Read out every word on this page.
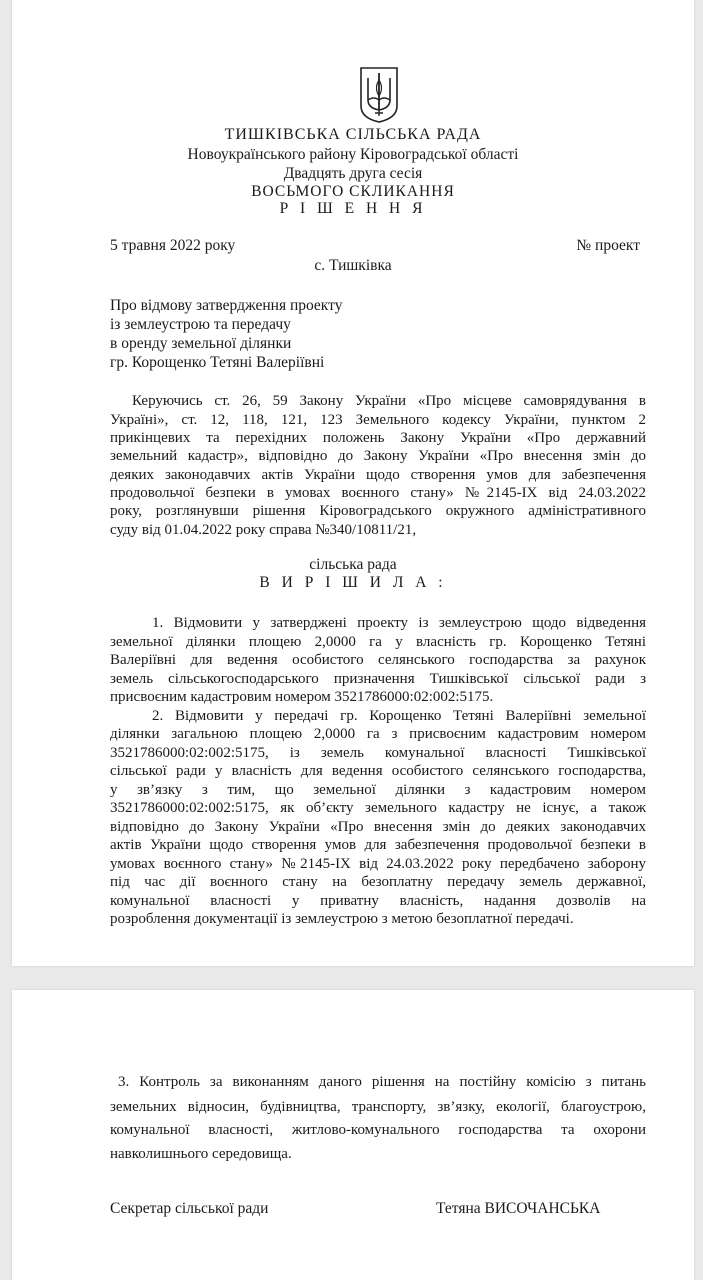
ТИШКІВСЬКА СІЛЬСЬКА РАДА
Новоукраїнського району Кіровоградської області
Двадцять друга сесія
ВОСЬМОГО СКЛИКАННЯ
Р І Ш Е Н Н Я
5 травня 2022 року	№ проект
с. Тишківка
Про відмову затвердження проекту
із землеустрою та передачу
в оренду земельної ділянки
гр. Корощенко Тетяні Валеріївні
Керуючись ст. 26, 59 Закону України «Про місцеве самоврядування в
Україні», ст. 12, 118, 121, 123 Земельного кодексу України, пунктом 2
прикінцевих та перехідних положень Закону України «Про державний
земельний кадастр», відповідно до Закону України «Про внесення змін до
деяких законодавчих актів України щодо створення умов для забезпечення
продовольчої безпеки в умовах воєнного стану» №2145-IX від 24.03.2022
року, розглянувши рішення Кіровоградського окружного адміністративного
суду від 01.04.2022 року справа №340/10811/21,
сільська рада
В И Р І Ш И Л А :
1. Відмовити у затверджені проекту із землеустрою щодо відведення
земельної ділянки площею 2,0000 га у власність гр. Корощенко Тетяні
Валеріївні для ведення особистого селянського господарства за рахунок
земель сільськогосподарського призначення Тишківської сільської ради з
присвоєним кадастровим номером 3521786000:02:002:5175.
2. Відмовити у передачі гр. Корощенко Тетяні Валеріївні земельної
ділянки загальною площею 2,0000 га з присвоєним кадастровим номером
3521786000:02:002:5175, із земель комунальної власності Тишківської
сільської ради у власність для ведення особистого селянського господарства,
у зв’язку з тим, що земельної ділянки з кадастровим номером
3521786000:02:002:5175, як об’єкту земельного кадастру не існує, а також
відповідно до Закону України «Про внесення змін до деяких законодавчих
актів України щодо створення умов для забезпечення продовольчої безпеки в
умовах воєнного стану» №2145-IX від 24.03.2022 року передбачено заборону
під час дії воєнного стану на безоплатну передачу земель державної,
комунальної власності у приватну власність, надання дозволів на
розроблення документації із землеустрою з метою безоплатної передачі.
3. Контроль за виконанням даного рішення на постійну комісію з питань
земельних відносин, будівництва, транспорту, зв’язку, екології, благоустрою,
комунальної власності, житлово-комунального господарства та охорони
навколишнього середовища.
Секретар сільської ради	Тетяна ВИСОЧАНСЬКА
